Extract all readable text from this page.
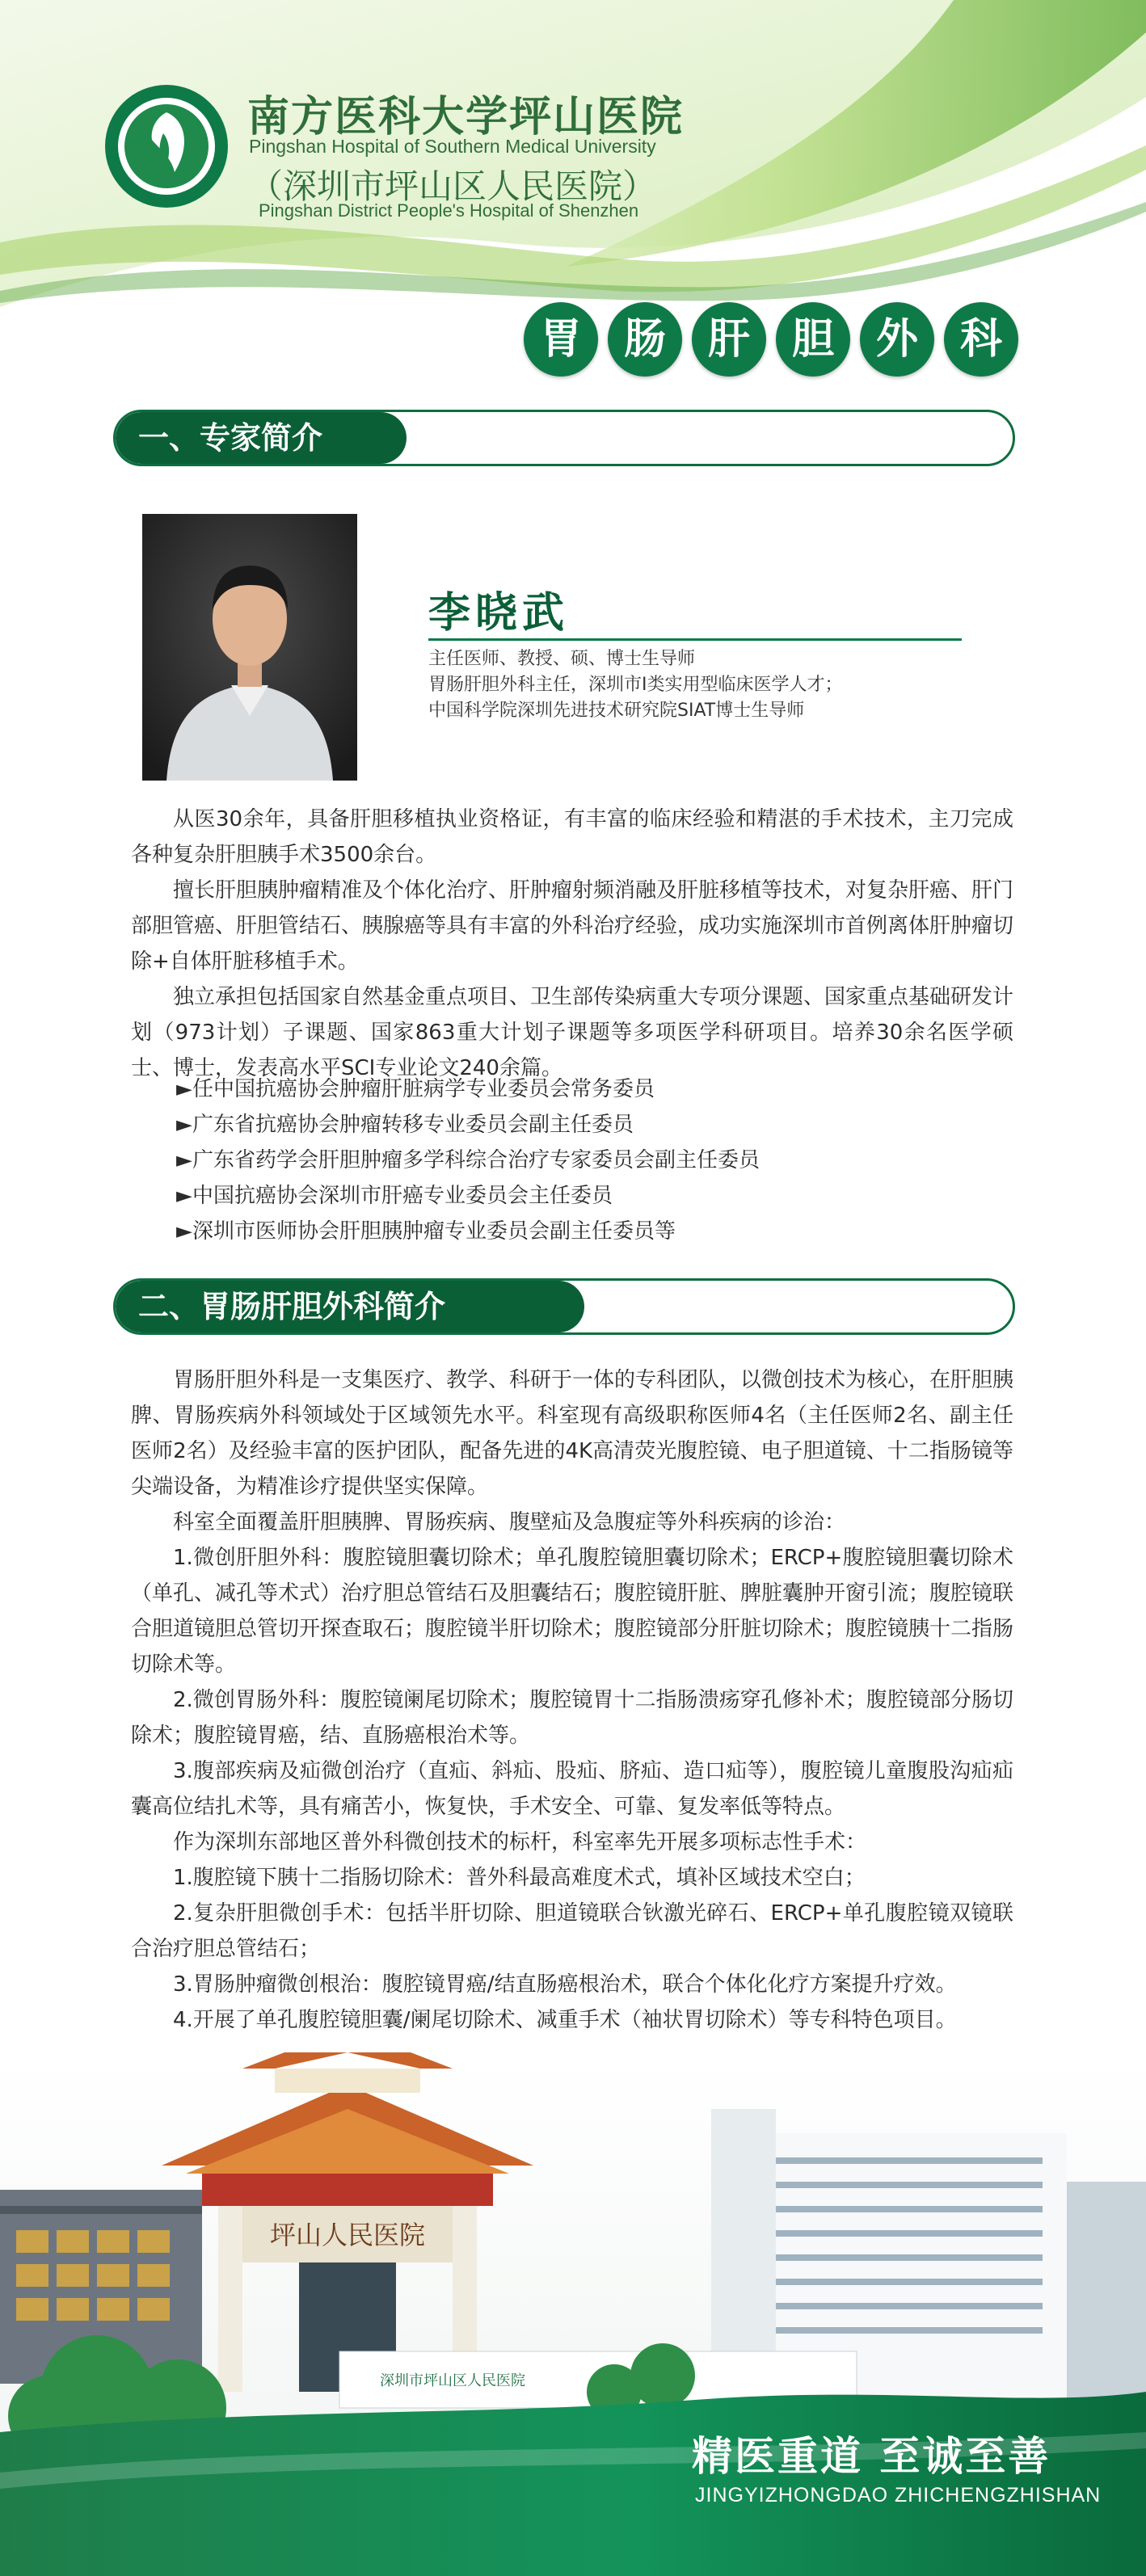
南方医科大学坪山医院
Pingshan Hospital of Southern Medical University
（深圳市坪山区人民医院）
Pingshan District People's Hospital of Shenzhen
胃 肠 肝 胆 外 科
一、专家简介
李晓武
主任医师、教授、硕、博士生导师
胃肠肝胆外科主任，深圳市I类实用型临床医学人才；
中国科学院深圳先进技术研究院SIAT博士生导师

从医30余年，具备肝胆移植执业资格证，有丰富的临床经验和精湛的手术技术，主刀完成各种复杂肝胆胰手术3500余台。

擅长肝胆胰肿瘤精准及个体化治疗、肝肿瘤射频消融及肝脏移植等技术，对复杂肝癌、肝门部胆管癌、肝胆管结石、胰腺癌等具有丰富的外科治疗经验，成功实施深圳市首例离体肝肿瘤切除+自体肝脏移植手术。

独立承担包括国家自然基金重点项目、卫生部传染病重大专项分课题、国家重点基础研发计划（973计划）子课题、国家863重大计划子课题等多项医学科研项目。培养30余名医学硕士、博士，发表高水平SCI专业论文240余篇。

►任中国抗癌协会肿瘤肝脏病学专业委员会常务委员
►广东省抗癌协会肿瘤转移专业委员会副主任委员
►广东省药学会肝胆肿瘤多学科综合治疗专家委员会副主任委员
►中国抗癌协会深圳市肝癌专业委员会主任委员
►深圳市医师协会肝胆胰肿瘤专业委员会副主任委员等
二、胃肠肝胆外科简介

胃肠肝胆外科是一支集医疗、教学、科研于一体的专科团队，以微创技术为核心，在肝胆胰脾、胃肠疾病外科领域处于区域领先水平。科室现有高级职称医师4名（主任医师2名、副主任医师2名）及经验丰富的医护团队，配备先进的4K高清荧光腹腔镜、电子胆道镜、十二指肠镜等尖端设备，为精准诊疗提供坚实保障。

科室全面覆盖肝胆胰脾、胃肠疾病、腹壁疝及急腹症等外科疾病的诊治：

1.微创肝胆外科：腹腔镜胆囊切除术；单孔腹腔镜胆囊切除术；ERCP+腹腔镜胆囊切除术（单孔、减孔等术式）治疗胆总管结石及胆囊结石；腹腔镜肝脏、脾脏囊肿开窗引流；腹腔镜联合胆道镜胆总管切开探查取石；腹腔镜半肝切除术；腹腔镜部分肝脏切除术；腹腔镜胰十二指肠切除术等。

2.微创胃肠外科：腹腔镜阑尾切除术；腹腔镜胃十二指肠溃疡穿孔修补术；腹腔镜部分肠切除术；腹腔镜胃癌，结、直肠癌根治术等。

3.腹部疾病及疝微创治疗（直疝、斜疝、股疝、脐疝、造口疝等），腹腔镜儿童腹股沟疝疝囊高位结扎术等，具有痛苦小，恢复快，手术安全、可靠、复发率低等特点。

作为深圳东部地区普外科微创技术的标杆，科室率先开展多项标志性手术：

1.腹腔镜下胰十二指肠切除术：普外科最高难度术式，填补区域技术空白；

2.复杂肝胆微创手术：包括半肝切除、胆道镜联合钬激光碎石、ERCP+单孔腹腔镜双镜联合治疗胆总管结石；

3.胃肠肿瘤微创根治：腹腔镜胃癌/结直肠癌根治术，联合个体化化疗方案提升疗效。

4.开展了单孔腹腔镜胆囊/阑尾切除术、减重手术（袖状胃切除术）等专科特色项目。

坪山人民医院
深圳市坪山区人民医院
精医重道 至诚至善
JINGYIZHONGDAO ZHICHENGZHISHAN
